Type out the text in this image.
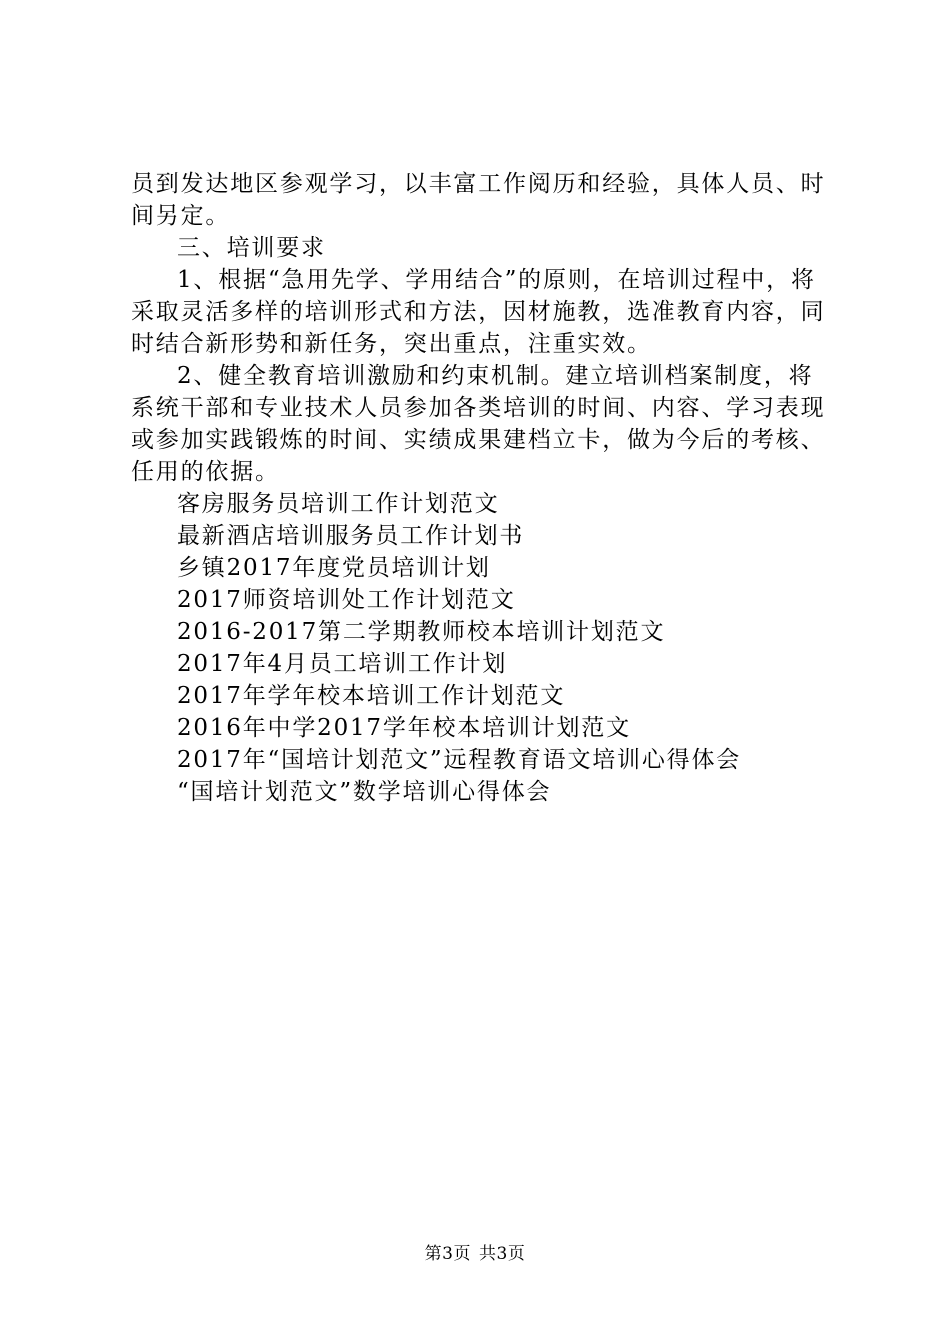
员到发达地区参观学习，以丰富工作阅历和经验，具体人员、时间另定。

三、培训要求

1、根据“急用先学、学用结合”的原则，在培训过程中，将采取灵活多样的培训形式和方法，因材施教，选准教育内容，同时结合新形势和新任务，突出重点，注重实效。

2、健全教育培训激励和约束机制。建立培训档案制度，将系统干部和专业技术人员参加各类培训的时间、内容、学习表现或参加实践锻炼的时间、实绩成果建档立卡，做为今后的考核、任用的依据。

客房服务员培训工作计划范文
最新酒店培训服务员工作计划书
乡镇2017年度党员培训计划
2017师资培训处工作计划范文
2016-2017第二学期教师校本培训计划范文
2017年4月员工培训工作计划
2017年学年校本培训工作计划范文
2016年中学2017学年校本培训计划范文
2017年“国培计划范文”远程教育语文培训心得体会
“国培计划范文”数学培训心得体会
第3页 共3页
